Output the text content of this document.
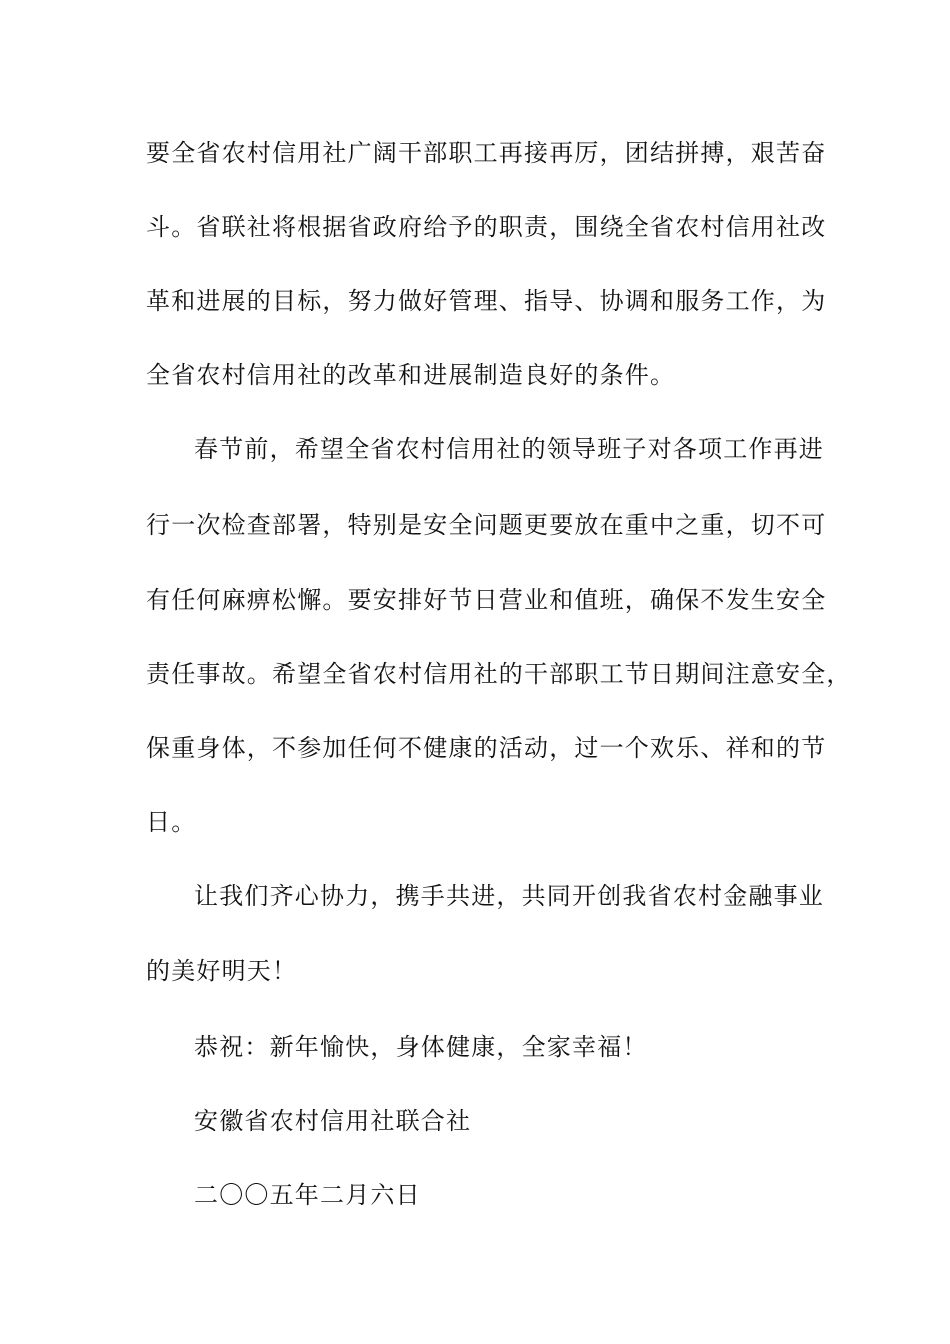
要全省农村信用社广阔干部职工再接再厉，团结拼搏，艰苦奋
斗。省联社将根据省政府给予的职责，围绕全省农村信用社改
革和进展的目标，努力做好管理、指导、协调和服务工作，为
全省农村信用社的改革和进展制造良好的条件。
春节前，希望全省农村信用社的领导班子对各项工作再进
行一次检查部署，特别是安全问题更要放在重中之重，切不可
有任何麻痹松懈。要安排好节日营业和值班，确保不发生安全
责任事故。希望全省农村信用社的干部职工节日期间注意安全，
保重身体，不参加任何不健康的活动，过一个欢乐、祥和的节
日。
让我们齐心协力，携手共进，共同开创我省农村金融事业
的美好明天！
恭祝：新年愉快，身体健康，全家幸福！
安徽省农村信用社联合社
二〇〇五年二月六日
